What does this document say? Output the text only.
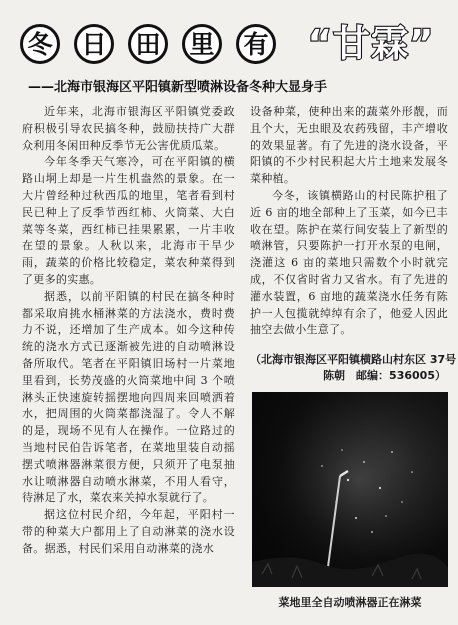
冬	日	田	里	有	“甘霖”
——北海市银海区平阳镇新型喷淋设备冬种大显身手

近年来，北海市银海区平阳镇党委政府积极引导农民搞冬种，鼓励扶持广大群众利用冬闲田种反季节无公害优质瓜菜。

今年冬季天气寒冷，可在平阳镇的横路山垌上却是一片生机盎然的景象。在一大片曾经种过秋西瓜的地里，笔者看到村民已种上了反季节西红柿、火筒菜、大白菜等冬菜，西红柿已挂果累累，一片丰收在望的景象。人秋以来，北海市干旱少雨，蔬菜的价格比较稳定，菜农种菜得到了更多的实惠。

据悉，以前平阳镇的村民在搞冬种时都采取肩挑水桶淋菜的方法浇水，费时费力不说，还增加了生产成本。如今这种传统的浇水方式已逐渐被先进的自动喷淋设备所取代。笔者在平阳镇旧场村一片菜地里看到，长势茂盛的火筒菜地中间 3 个喷淋头正快速旋转摇摆地向四周来回喷洒着水，把周围的火筒菜都浇湿了。令人不解的是，现场不见有人在操作。一位路过的当地村民伯告诉笔者，在菜地里装自动摇摆式喷淋器淋菜很方便，只须开了电泵抽水让喷淋器自动喷水淋菜，不用人看守，待淋足了水，菜农来关掉水泵就行了。

据这位村民介绍，今年起，平阳村一带的种菜大户都用上了自动淋菜的浇水设备。据悉，村民们采用自动淋菜的浇水

设备种菜，使种出来的蔬菜外形靓，而且个大，无虫眼及农药残留，丰产增收的效果显著。有了先进的浇水设备，平阳镇的不少村民积起大片土地来发展冬菜种植。

今冬，该镇横路山的村民陈护租了近 6 亩的地全部种上了玉菜，如今已丰收在望。陈护在菜行间安装上了新型的喷淋管，只要陈护一打开水泵的电闸，浇灌这 6 亩的菜地只需数个小时就完成，不仅省时省力又省水。有了先进的灌水装置，6 亩地的蔬菜浇水任务有陈护一人包揽就绰绰有余了，他爱人因此抽空去做小生意了。

（北海市银海区平阳镇横路山村东区 37号
陈朝　邮编：536005）
菜地里全自动喷淋器正在淋菜
